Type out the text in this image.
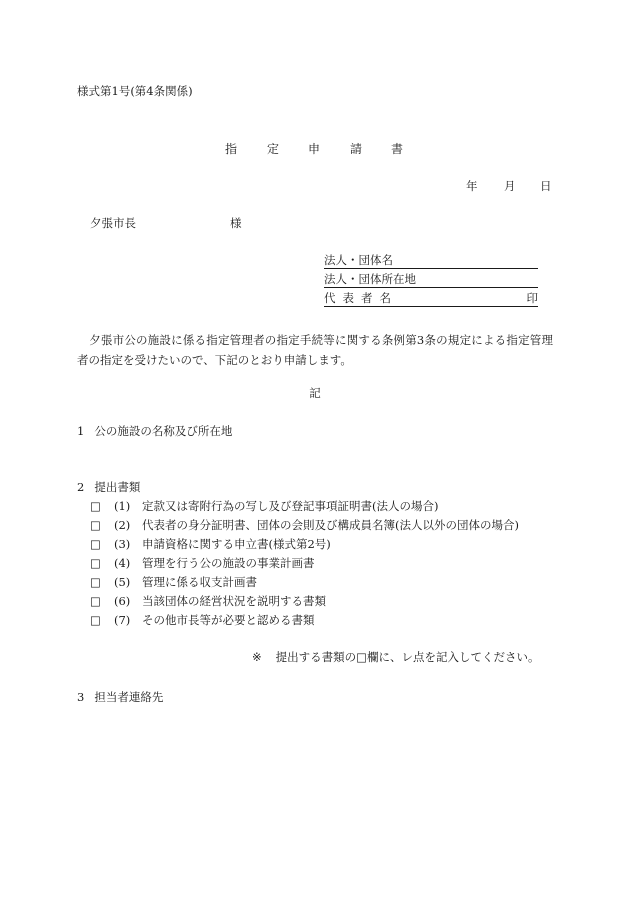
様式第1号(第4条関係)
指 定 申 請 書
年 月 日
夕張市長	様
法人・団体名
法人・団体所在地
代表者名	印
夕張市公の施設に係る指定管理者の指定手続等に関する条例第3条の規定による指定管理者の指定を受けたいので、下記のとおり申請します。
記
1 公の施設の名称及び所在地
2 提出書類
□ (1) 定款又は寄附行為の写し及び登記事項証明書(法人の場合)
□ (2) 代表者の身分証明書、団体の会則及び構成員名簿(法人以外の団体の場合)
□ (3) 申請資格に関する申立書(様式第2号)
□ (4) 管理を行う公の施設の事業計画書
□ (5) 管理に係る収支計画書
□ (6) 当該団体の経営状況を説明する書類
□ (7) その他市長等が必要と認める書類
※ 提出する書類の□欄に、レ点を記入してください。
3 担当者連絡先
